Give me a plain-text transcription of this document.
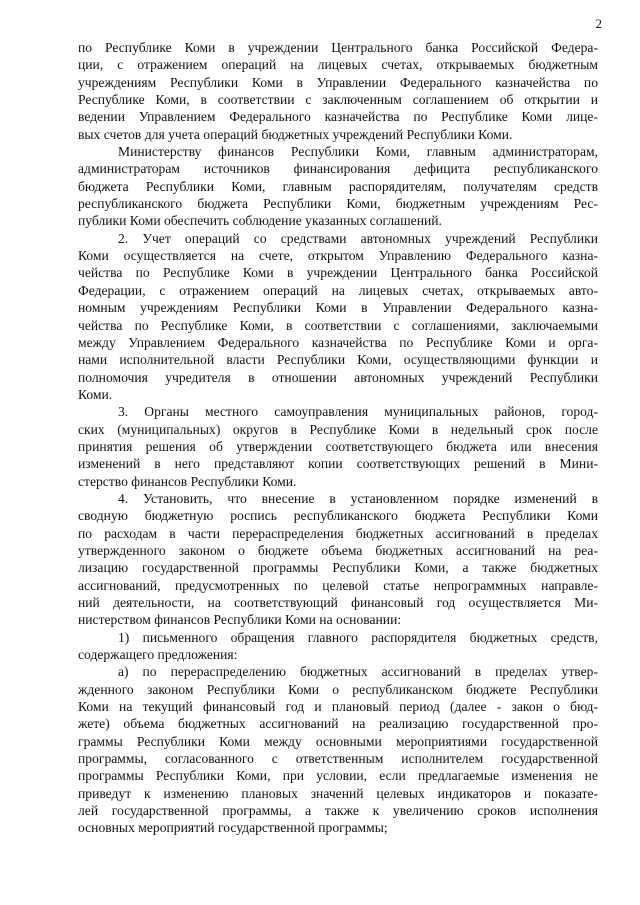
2
по Республике Коми в учреждении Центрального банка Российской Федера-
ции, с отражением операций на лицевых счетах, открываемых бюджетным
учреждениям Республики Коми в Управлении Федерального казначейства по
Республике Коми, в соответствии с заключенным соглашением об открытии и
ведении Управлением Федерального казначейства по Республике Коми лице-
вых счетов для учета операций бюджетных учреждений Республики Коми.
Министерству финансов Республики Коми, главным администраторам,
администраторам источников финансирования дефицита республиканского
бюджета Республики Коми, главным распорядителям, получателям средств
республиканского бюджета Республики Коми, бюджетным учреждениям Рес-
публики Коми обеспечить соблюдение указанных соглашений.
2. Учет операций со средствами автономных учреждений Республики
Коми осуществляется на счете, открытом Управлению Федерального казна-
чейства по Республике Коми в учреждении Центрального банка Российской
Федерации, с отражением операций на лицевых счетах, открываемых авто-
номным учреждениям Республики Коми в Управлении Федерального казна-
чейства по Республике Коми, в соответствии с соглашениями, заключаемыми
между Управлением Федерального казначейства по Республике Коми и орга-
нами исполнительной власти Республики Коми, осуществляющими функции и
полномочия учредителя в отношении автономных учреждений Республики
Коми.
3. Органы местного самоуправления муниципальных районов, город-
ских (муниципальных) округов в Республике Коми в недельный срок после
принятия решения об утверждении соответствующего бюджета или внесения
изменений в него представляют копии соответствующих решений в Мини-
стерство финансов Республики Коми.
4. Установить, что внесение в установленном порядке изменений в
сводную бюджетную роспись республиканского бюджета Республики Коми
по расходам в части перераспределения бюджетных ассигнований в пределах
утвержденного законом о бюджете объема бюджетных ассигнований на реа-
лизацию государственной программы Республики Коми, а также бюджетных
ассигнований, предусмотренных по целевой статье непрограммных направле-
ний деятельности, на соответствующий финансовый год осуществляется Ми-
нистерством финансов Республики Коми на основании:
1) письменного обращения главного распорядителя бюджетных средств,
содержащего предложения:
а) по перераспределению бюджетных ассигнований в пределах утвер-
жденного законом Республики Коми о республиканском бюджете Республики
Коми на текущий финансовый год и плановый период (далее - закон о бюд-
жете) объема бюджетных ассигнований на реализацию государственной про-
граммы Республики Коми между основными мероприятиями государственной
программы, согласованного с ответственным исполнителем государственной
программы Республики Коми, при условии, если предлагаемые изменения не
приведут к изменению плановых значений целевых индикаторов и показате-
лей государственной программы, а также к увеличению сроков исполнения
основных мероприятий государственной программы;
